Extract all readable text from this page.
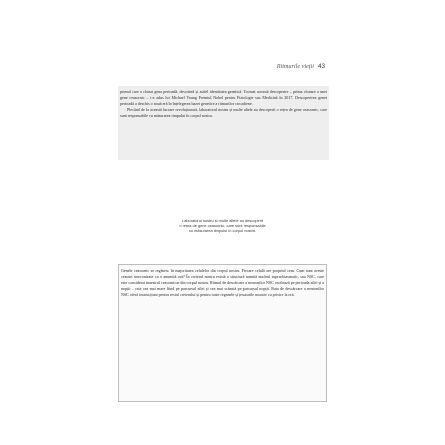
Ritmurile vieții 43

primul care a clonat gena perioadă, descriind și astfel identitatea genetică. Tocmai această descoperire – prima clonare a unei gene ceasornic – i-a adus lui Michael Young Premiul Nobel pentru Fiziologie sau Medicină în 2017. Descoperirea genei perioadă a deschis o nouă eră în înțelegerea bazei genetice a ritmurilor circadiene.

Plecând de la această lucrare revoluționară, laboratorul nostru și multe altele au descoperit o rețea de gene ceasornic, care sunt responsabile cu măsurarea timpului în corpul nostru.

Laboratorul nostru și multe altele au descoperit
o rețea de gene ceasornic, care sunt responsabile
cu măsurarea timpului în corpul nostru.

Genele ceasornic se regăsesc în majoritatea celulelor din corpul nostru. Fiecare celulă are propriul ceas. Cum sunt aceste ceasuri sincronizate cu o anumită oră? În creierul nostru există o structură numită nucleul suprachiasmatic, sau NSC, care este considerat maestrul ceasornicar din corpul nostru. Ritmul de descărcare a neuronilor NSC oscilează pe perioada zilei și a nopții – rata cea mai mare fiind pe parcursul zilei și cea mai scăzută pe parcursul nopții. Rata de descărcare a neuronilor NSC oferă instrucțiuni pentru restul creierului și pentru toate organele și țesuturile noastre cu privire la oră.
